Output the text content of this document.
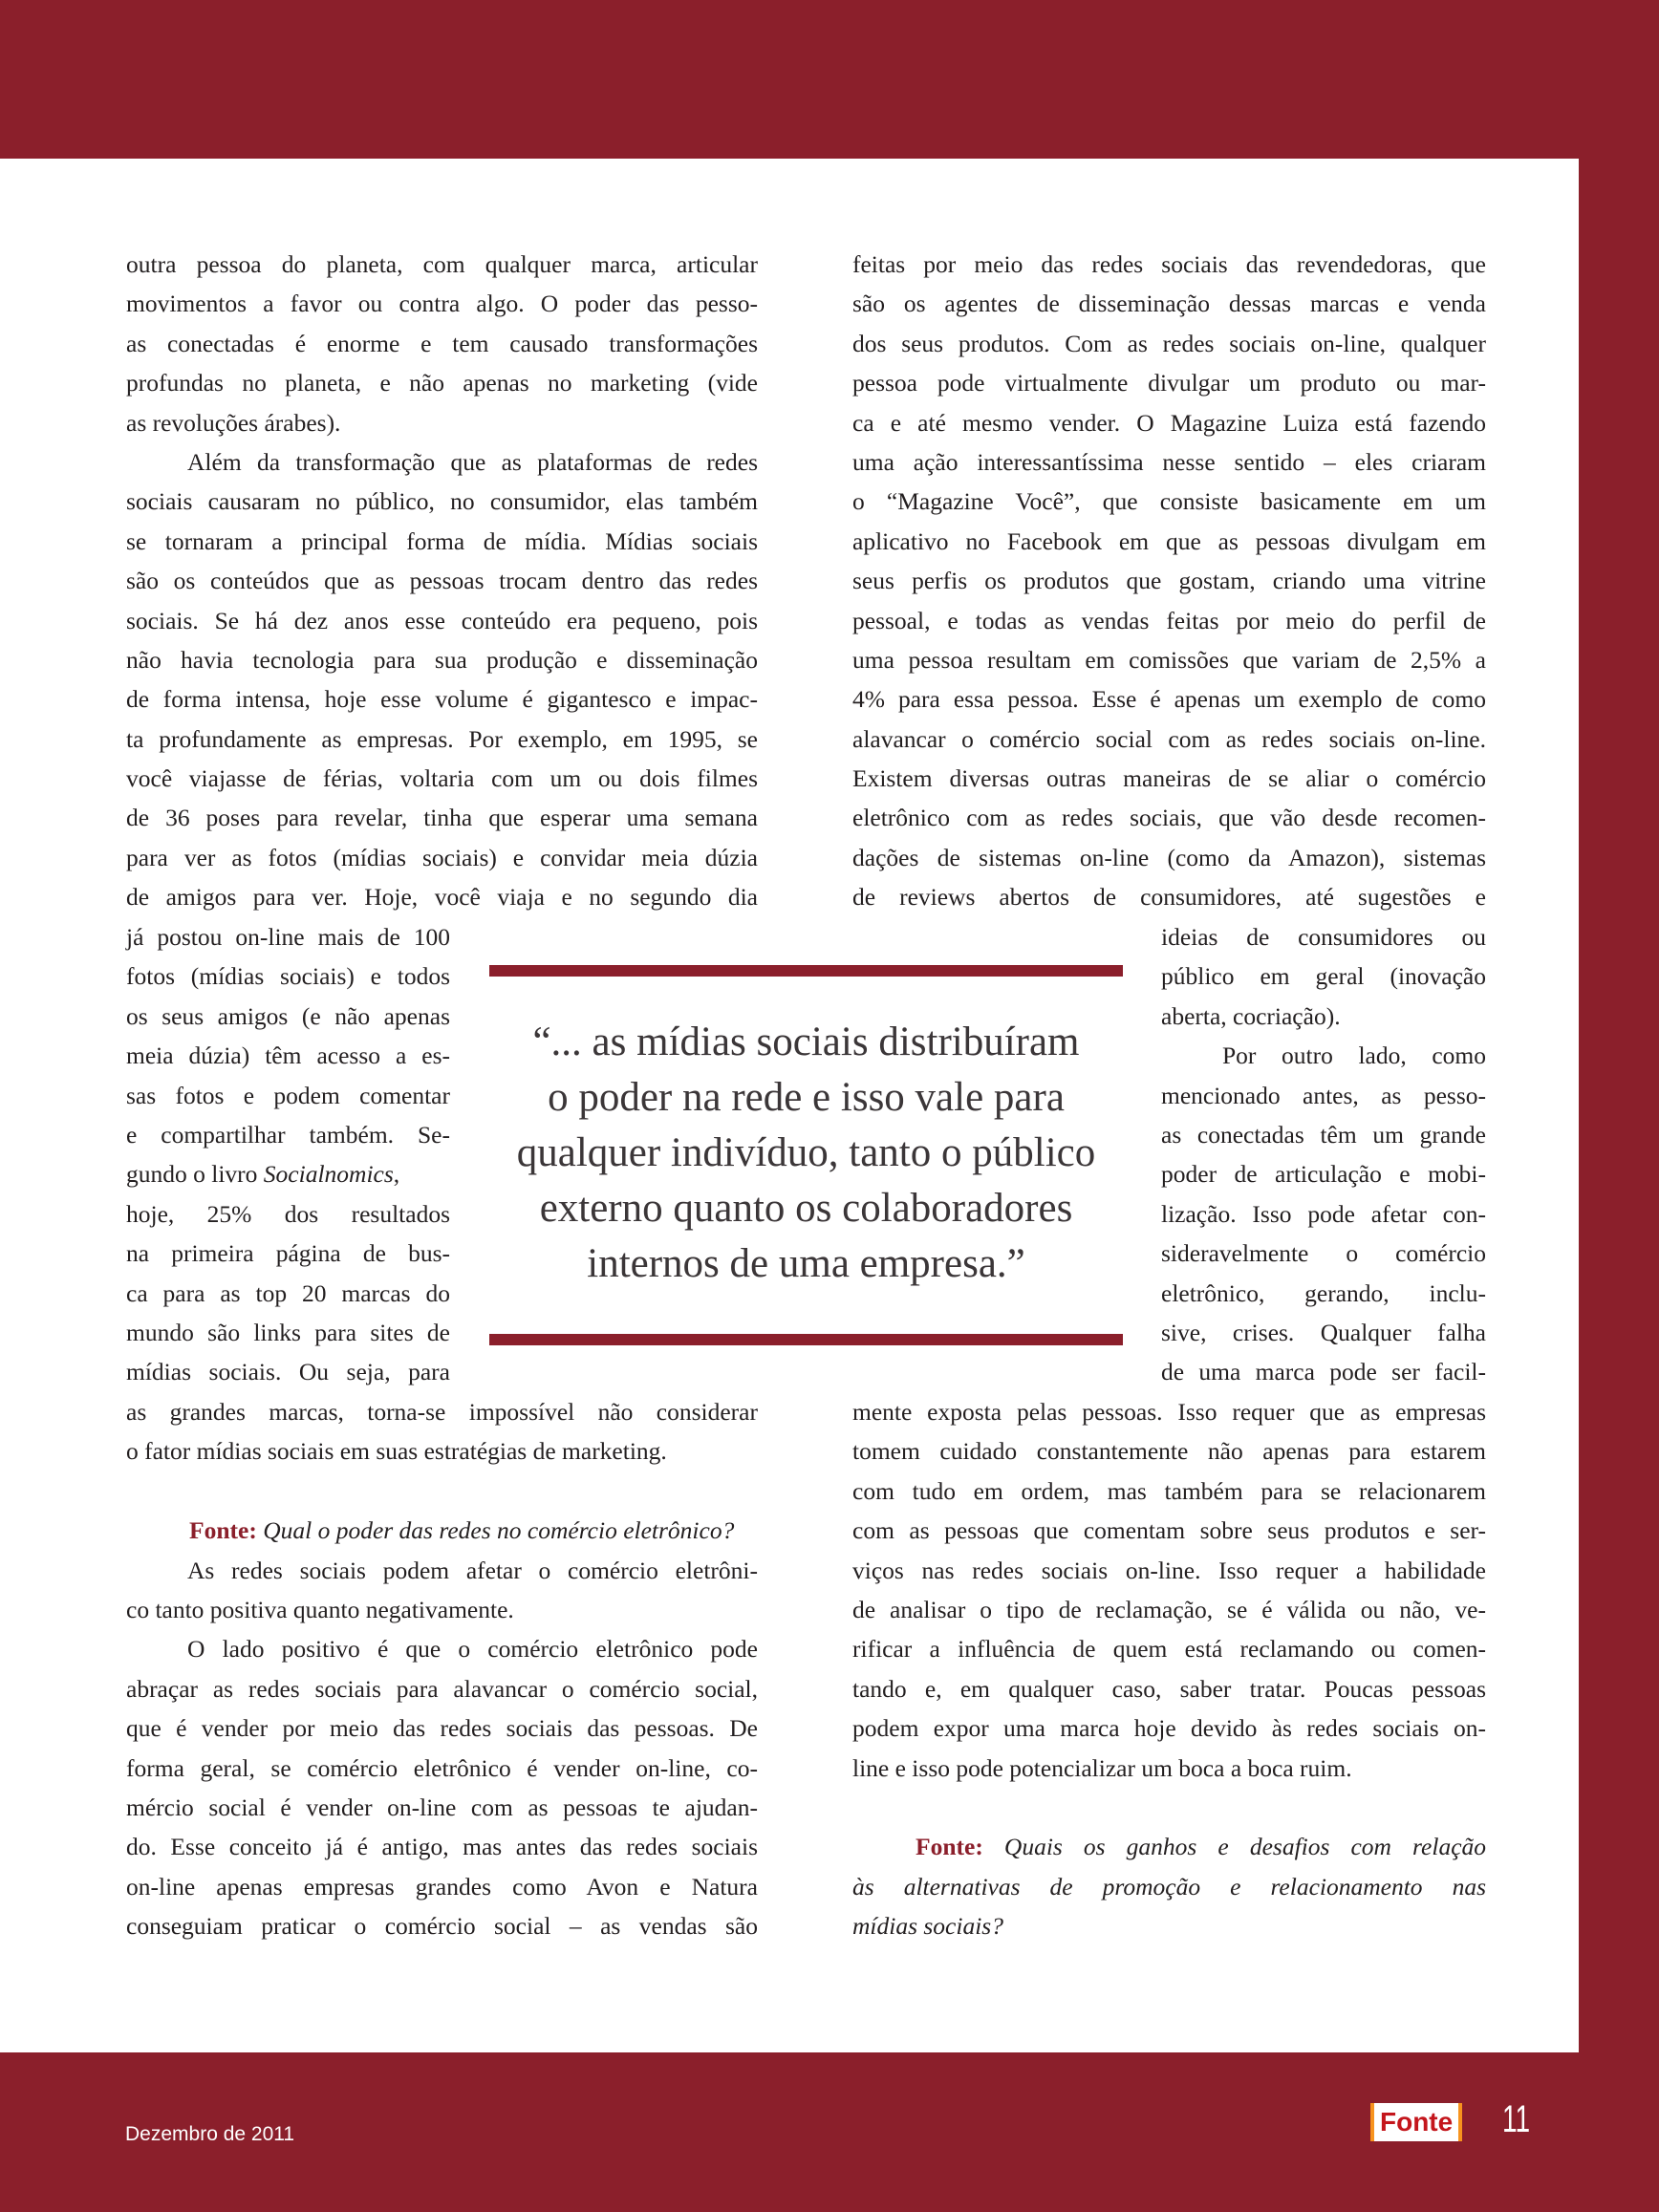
outra pessoa do planeta, com qualquer marca, articular
movimentos a favor ou contra algo. O poder das pesso-
as conectadas é enorme e tem causado transformações
profundas no planeta, e não apenas no marketing (vide
as revoluções árabes).
Além da transformação que as plataformas de redes
sociais causaram no público, no consumidor, elas também
se tornaram a principal forma de mídia. Mídias sociais
são os conteúdos que as pessoas trocam dentro das redes
sociais. Se há dez anos esse conteúdo era pequeno, pois
não havia tecnologia para sua produção e disseminação
de forma intensa, hoje esse volume é gigantesco e impac-
ta profundamente as empresas. Por exemplo, em 1995, se
você viajasse de férias, voltaria com um ou dois filmes
de 36 poses para revelar, tinha que esperar uma semana
para ver as fotos (mídias sociais) e convidar meia dúzia
de amigos para ver. Hoje, você viaja e no segundo dia
já postou on-line mais de 100
fotos (mídias sociais) e todos
os seus amigos (e não apenas
meia dúzia) têm acesso a es-
sas fotos e podem comentar
e compartilhar também. Se-
gundo o livro Socialnomics,
hoje, 25% dos resultados
na primeira página de bus-
ca para as top 20 marcas do
mundo são links para sites de
mídias sociais. Ou seja, para
as grandes marcas, torna-se impossível não considerar
o fator mídias sociais em suas estratégias de marketing.
Fonte: Qual o poder das redes no comércio eletrônico?
As redes sociais podem afetar o comércio eletrôni-
co tanto positiva quanto negativamente.
O lado positivo é que o comércio eletrônico pode
abraçar as redes sociais para alavancar o comércio social,
que é vender por meio das redes sociais das pessoas. De
forma geral, se comércio eletrônico é vender on-line, co-
mércio social é vender on-line com as pessoas te ajudan-
do. Esse conceito já é antigo, mas antes das redes sociais
on-line apenas empresas grandes como Avon e Natura
conseguiam praticar o comércio social – as vendas são
feitas por meio das redes sociais das revendedoras, que
são os agentes de disseminação dessas marcas e venda
dos seus produtos. Com as redes sociais on-line, qualquer
pessoa pode virtualmente divulgar um produto ou mar-
ca e até mesmo vender. O Magazine Luiza está fazendo
uma ação interessantíssima nesse sentido – eles criaram
o “Magazine Você”, que consiste basicamente em um
aplicativo no Facebook em que as pessoas divulgam em
seus perfis os produtos que gostam, criando uma vitrine
pessoal, e todas as vendas feitas por meio do perfil de
uma pessoa resultam em comissões que variam de 2,5% a
4% para essa pessoa. Esse é apenas um exemplo de como
alavancar o comércio social com as redes sociais on-line.
Existem diversas outras maneiras de se aliar o comércio
eletrônico com as redes sociais, que vão desde recomen-
dações de sistemas on-line (como da Amazon), sistemas
de reviews abertos de consumidores, até sugestões e
ideias de consumidores ou
público em geral (inovação
aberta, cocriação).
Por outro lado, como
mencionado antes, as pesso-
as conectadas têm um grande
poder de articulação e mobi-
lização. Isso pode afetar con-
sideravelmente o comércio
eletrônico, gerando, inclu-
sive, crises. Qualquer falha
de uma marca pode ser facil-
mente exposta pelas pessoas. Isso requer que as empresas
tomem cuidado constantemente não apenas para estarem
com tudo em ordem, mas também para se relacionarem
com as pessoas que comentam sobre seus produtos e ser-
viços nas redes sociais on-line. Isso requer a habilidade
de analisar o tipo de reclamação, se é válida ou não, ve-
rificar a influência de quem está reclamando ou comen-
tando e, em qualquer caso, saber tratar. Poucas pessoas
podem expor uma marca hoje devido às redes sociais on-
line e isso pode potencializar um boca a boca ruim.
Fonte: Quais os ganhos e desafios com relação
às alternativas de promoção e relacionamento nas
mídias sociais?
“... as mídias sociais distribuíram
o poder na rede e isso vale para
qualquer indivíduo, tanto o público
externo quanto os colaboradores
internos de uma empresa.”
Dezembro de 2011	Fonte 11
